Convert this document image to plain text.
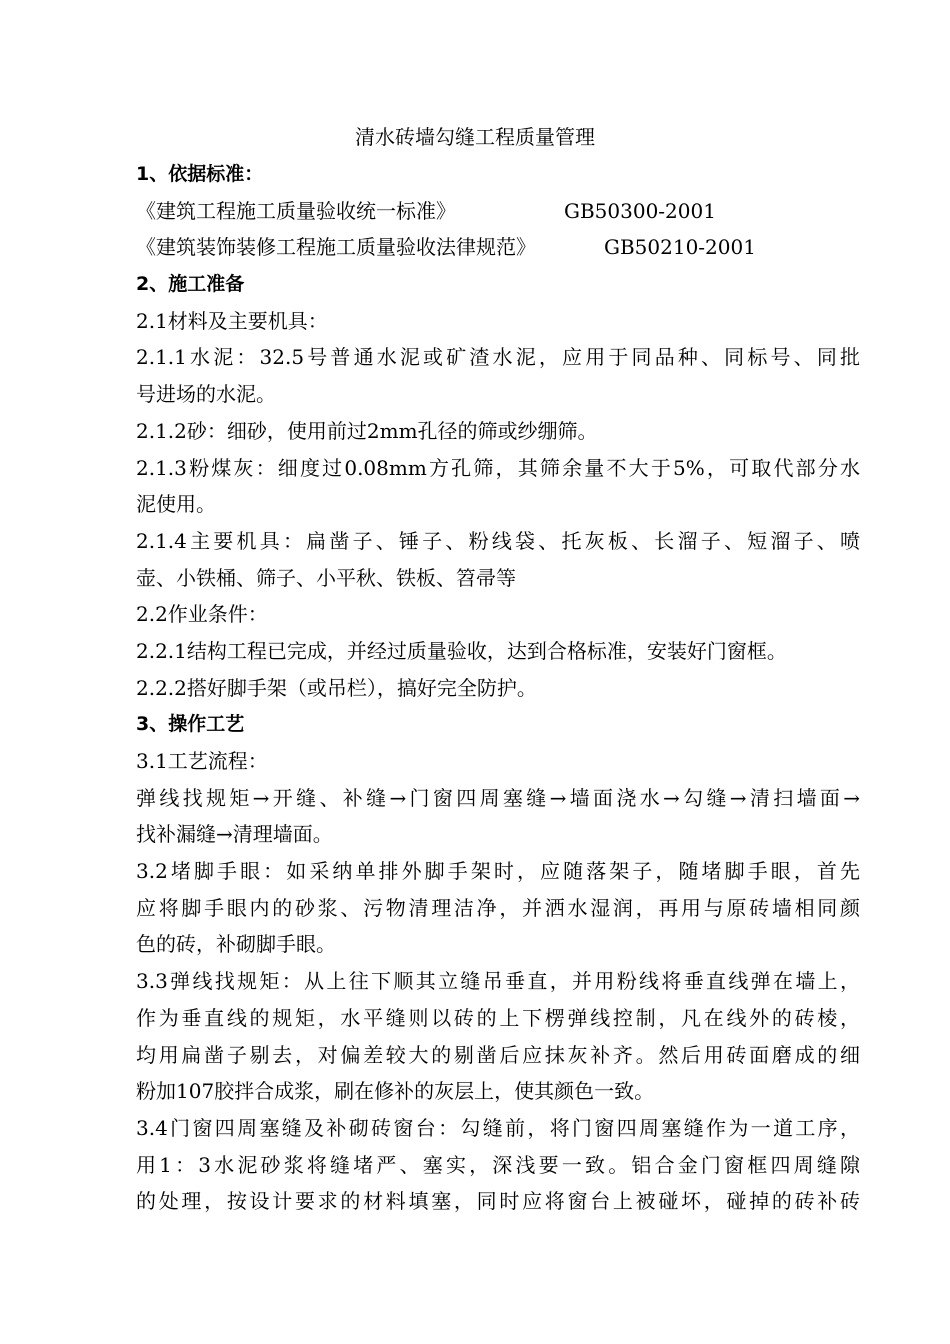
清水砖墙勾缝工程质量管理
1、依据标准：
《建筑工程施工质量验收统一标准》	GB50300-2001
《建筑装饰装修工程施工质量验收法律规范》	GB50210-2001
2、施工准备
2.1材料及主要机具：
2.1.1水泥：32.5号普通水泥或矿渣水泥，应用于同品种、同标号、同批
号进场的水泥。
2.1.2砂：细砂，使用前过2mm孔径的筛或纱绷筛。
2.1.3粉煤灰：细度过0.08mm方孔筛，其筛余量不大于5%，可取代部分水
泥使用。
2.1.4主要机具：扁凿子、锤子、粉线袋、托灰板、长溜子、短溜子、喷
壶、小铁桶、筛子、小平秋、铁板、笤帚等
2.2作业条件：
2.2.1结构工程已完成，并经过质量验收，达到合格标准，安装好门窗框。
2.2.2搭好脚手架（或吊栏），搞好完全防护。
3、操作工艺
3.1工艺流程：
弹线找规矩→开缝、补缝→门窗四周塞缝→墙面浇水→勾缝→清扫墙面→
找补漏缝→清理墙面。
3.2堵脚手眼：如采纳单排外脚手架时，应随落架子，随堵脚手眼，首先
应将脚手眼内的砂浆、污物清理洁净，并洒水湿润，再用与原砖墙相同颜
色的砖，补砌脚手眼。
3.3弹线找规矩：从上往下顺其立缝吊垂直，并用粉线将垂直线弹在墙上，
作为垂直线的规矩，水平缝则以砖的上下楞弹线控制，凡在线外的砖棱，
均用扁凿子剔去，对偏差较大的剔凿后应抹灰补齐。然后用砖面磨成的细
粉加107胶拌合成浆，刷在修补的灰层上，使其颜色一致。
3.4门窗四周塞缝及补砌砖窗台：勾缝前，将门窗四周塞缝作为一道工序，
用1：3水泥砂浆将缝堵严、塞实，深浅要一致。铝合金门窗框四周缝隙
的处理，按设计要求的材料填塞，同时应将窗台上被碰坏，碰掉的砖补砖
